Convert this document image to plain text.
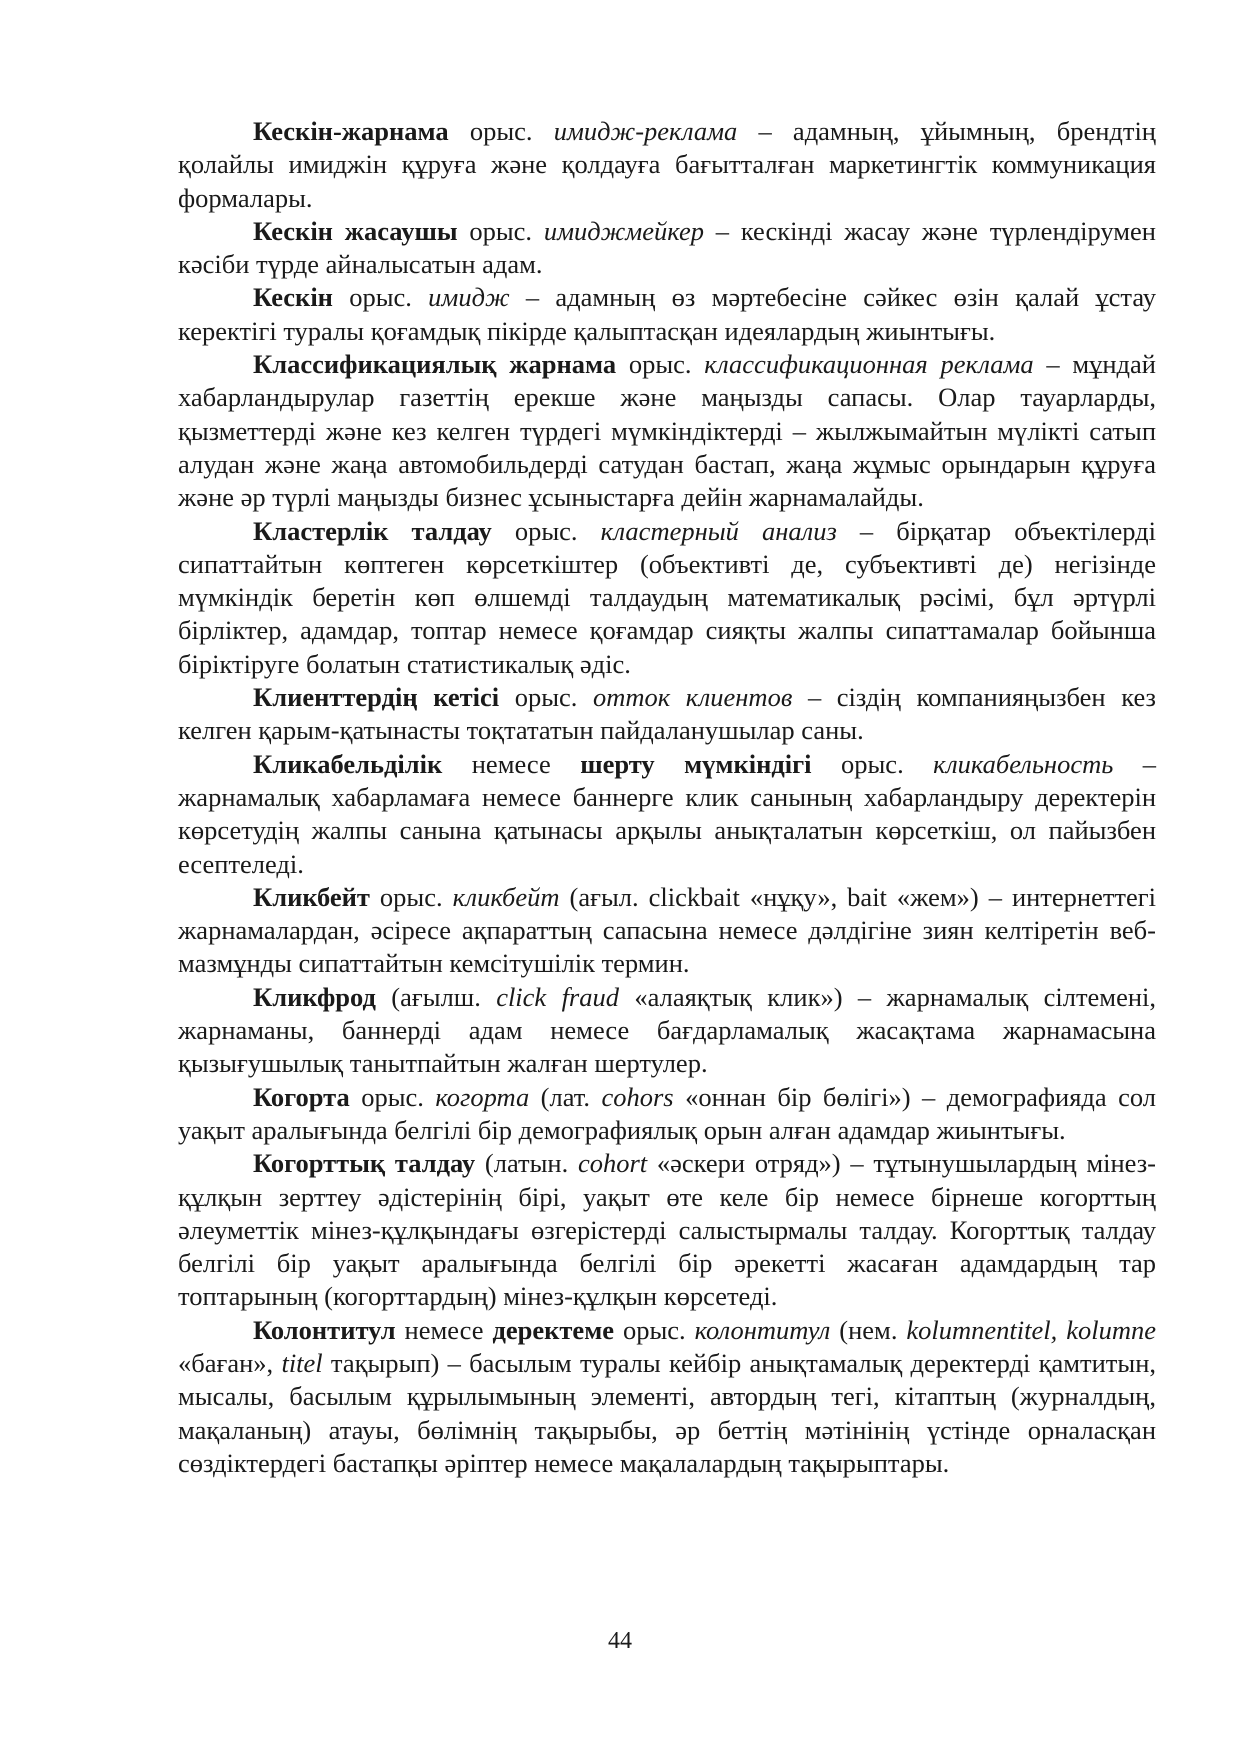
Кескін-жарнама орыс. имидж-реклама – адамның, ұйымның, брендтің қолайлы имиджін құруға және қолдауға бағытталған маркетингтік коммуникация формалары.

Кескін жасаушы орыс. имиджмейкер – кескінді жасау және түрлендірумен кәсіби түрде айналысатын адам.

Кескін орыс. имидж – адамның өз мәртебесіне сәйкес өзін қалай ұстау керектігі туралы қоғамдық пікірде қалыптасқан идеялардың жиынтығы.

Классификациялық жарнама орыс. классификационная реклама – мұндай хабарландырулар газеттің ерекше және маңызды сапасы. Олар тауарларды, қызметтерді және кез келген түрдегі мүмкіндіктерді – жылжымайтын мүлікті сатып алудан және жаңа автомобильдерді сатудан бастап, жаңа жұмыс орындарын құруға және әр түрлі маңызды бизнес ұсыныстарға дейін жарнамалайды.

Кластерлік талдау орыс. кластерный анализ – бірқатар объектілерді сипаттайтын көптеген көрсеткіштер (объективті де, субъективті де) негізінде мүмкіндік беретін көп өлшемді талдаудың математикалық рәсімі, бұл әртүрлі бірліктер, адамдар, топтар немесе қоғамдар сияқты жалпы сипаттамалар бойынша біріктіруге болатын статистикалық әдіс.

Клиенттердің кетісі орыс. отток клиентов – сіздің компанияңызбен кез келген қарым-қатынасты тоқтататын пайдаланушылар саны.

Кликабельділік немесе шерту мүмкіндігі орыс. кликабельность – жарнамалық хабарламаға немесе баннерге клик санының хабарландыру деректерін көрсетудің жалпы санына қатынасы арқылы анықталатын көрсеткіш, ол пайызбен есептеледі.

Кликбейт орыс. кликбейт (ағыл. clickbait «нұқу», bait «жем») – интернеттегі жарнамалардан, әсіресе ақпараттың сапасына немесе дәлдігіне зиян келтіретін веб-мазмұнды сипаттайтын кемсітушілік термин.

Кликфрод (ағылш. click fraud «алаяқтық клик») – жарнамалық сілтемені, жарнаманы, баннерді адам немесе бағдарламалық жасақтама жарнамасына қызығушылық танытпайтын жалған шертулер.

Когорта орыс. когорта (лат. cohors «оннан бір бөлігі») – демографияда сол уақыт аралығында белгілі бір демографиялық орын алған адамдар жиынтығы.

Когорттық талдау (латын. cohort «әскери отряд») – тұтынушылардың мінез-құлқын зерттеу әдістерінің бірі, уақыт өте келе бір немесе бірнеше когорттың әлеуметтік мінез-құлқындағы өзгерістерді салыстырмалы талдау. Когорттық талдау белгілі бір уақыт аралығында белгілі бір әрекетті жасаған адамдардың тар топтарының (когорттардың) мінез-құлқын көрсетеді.

Колонтитул немесе деректеме орыс. колонтитул (нем. kolumnentitel, kolumne «баған», titel тақырып) – басылым туралы кейбір анықтамалық деректерді қамтитын, мысалы, басылым құрылымының элементі, автордың тегі, кітаптың (журналдың, мақаланың) атауы, бөлімнің тақырыбы, әр беттің мәтінінің үстінде орналасқан сөздіктердегі бастапқы әріптер немесе мақалалардың тақырыптары.

44
